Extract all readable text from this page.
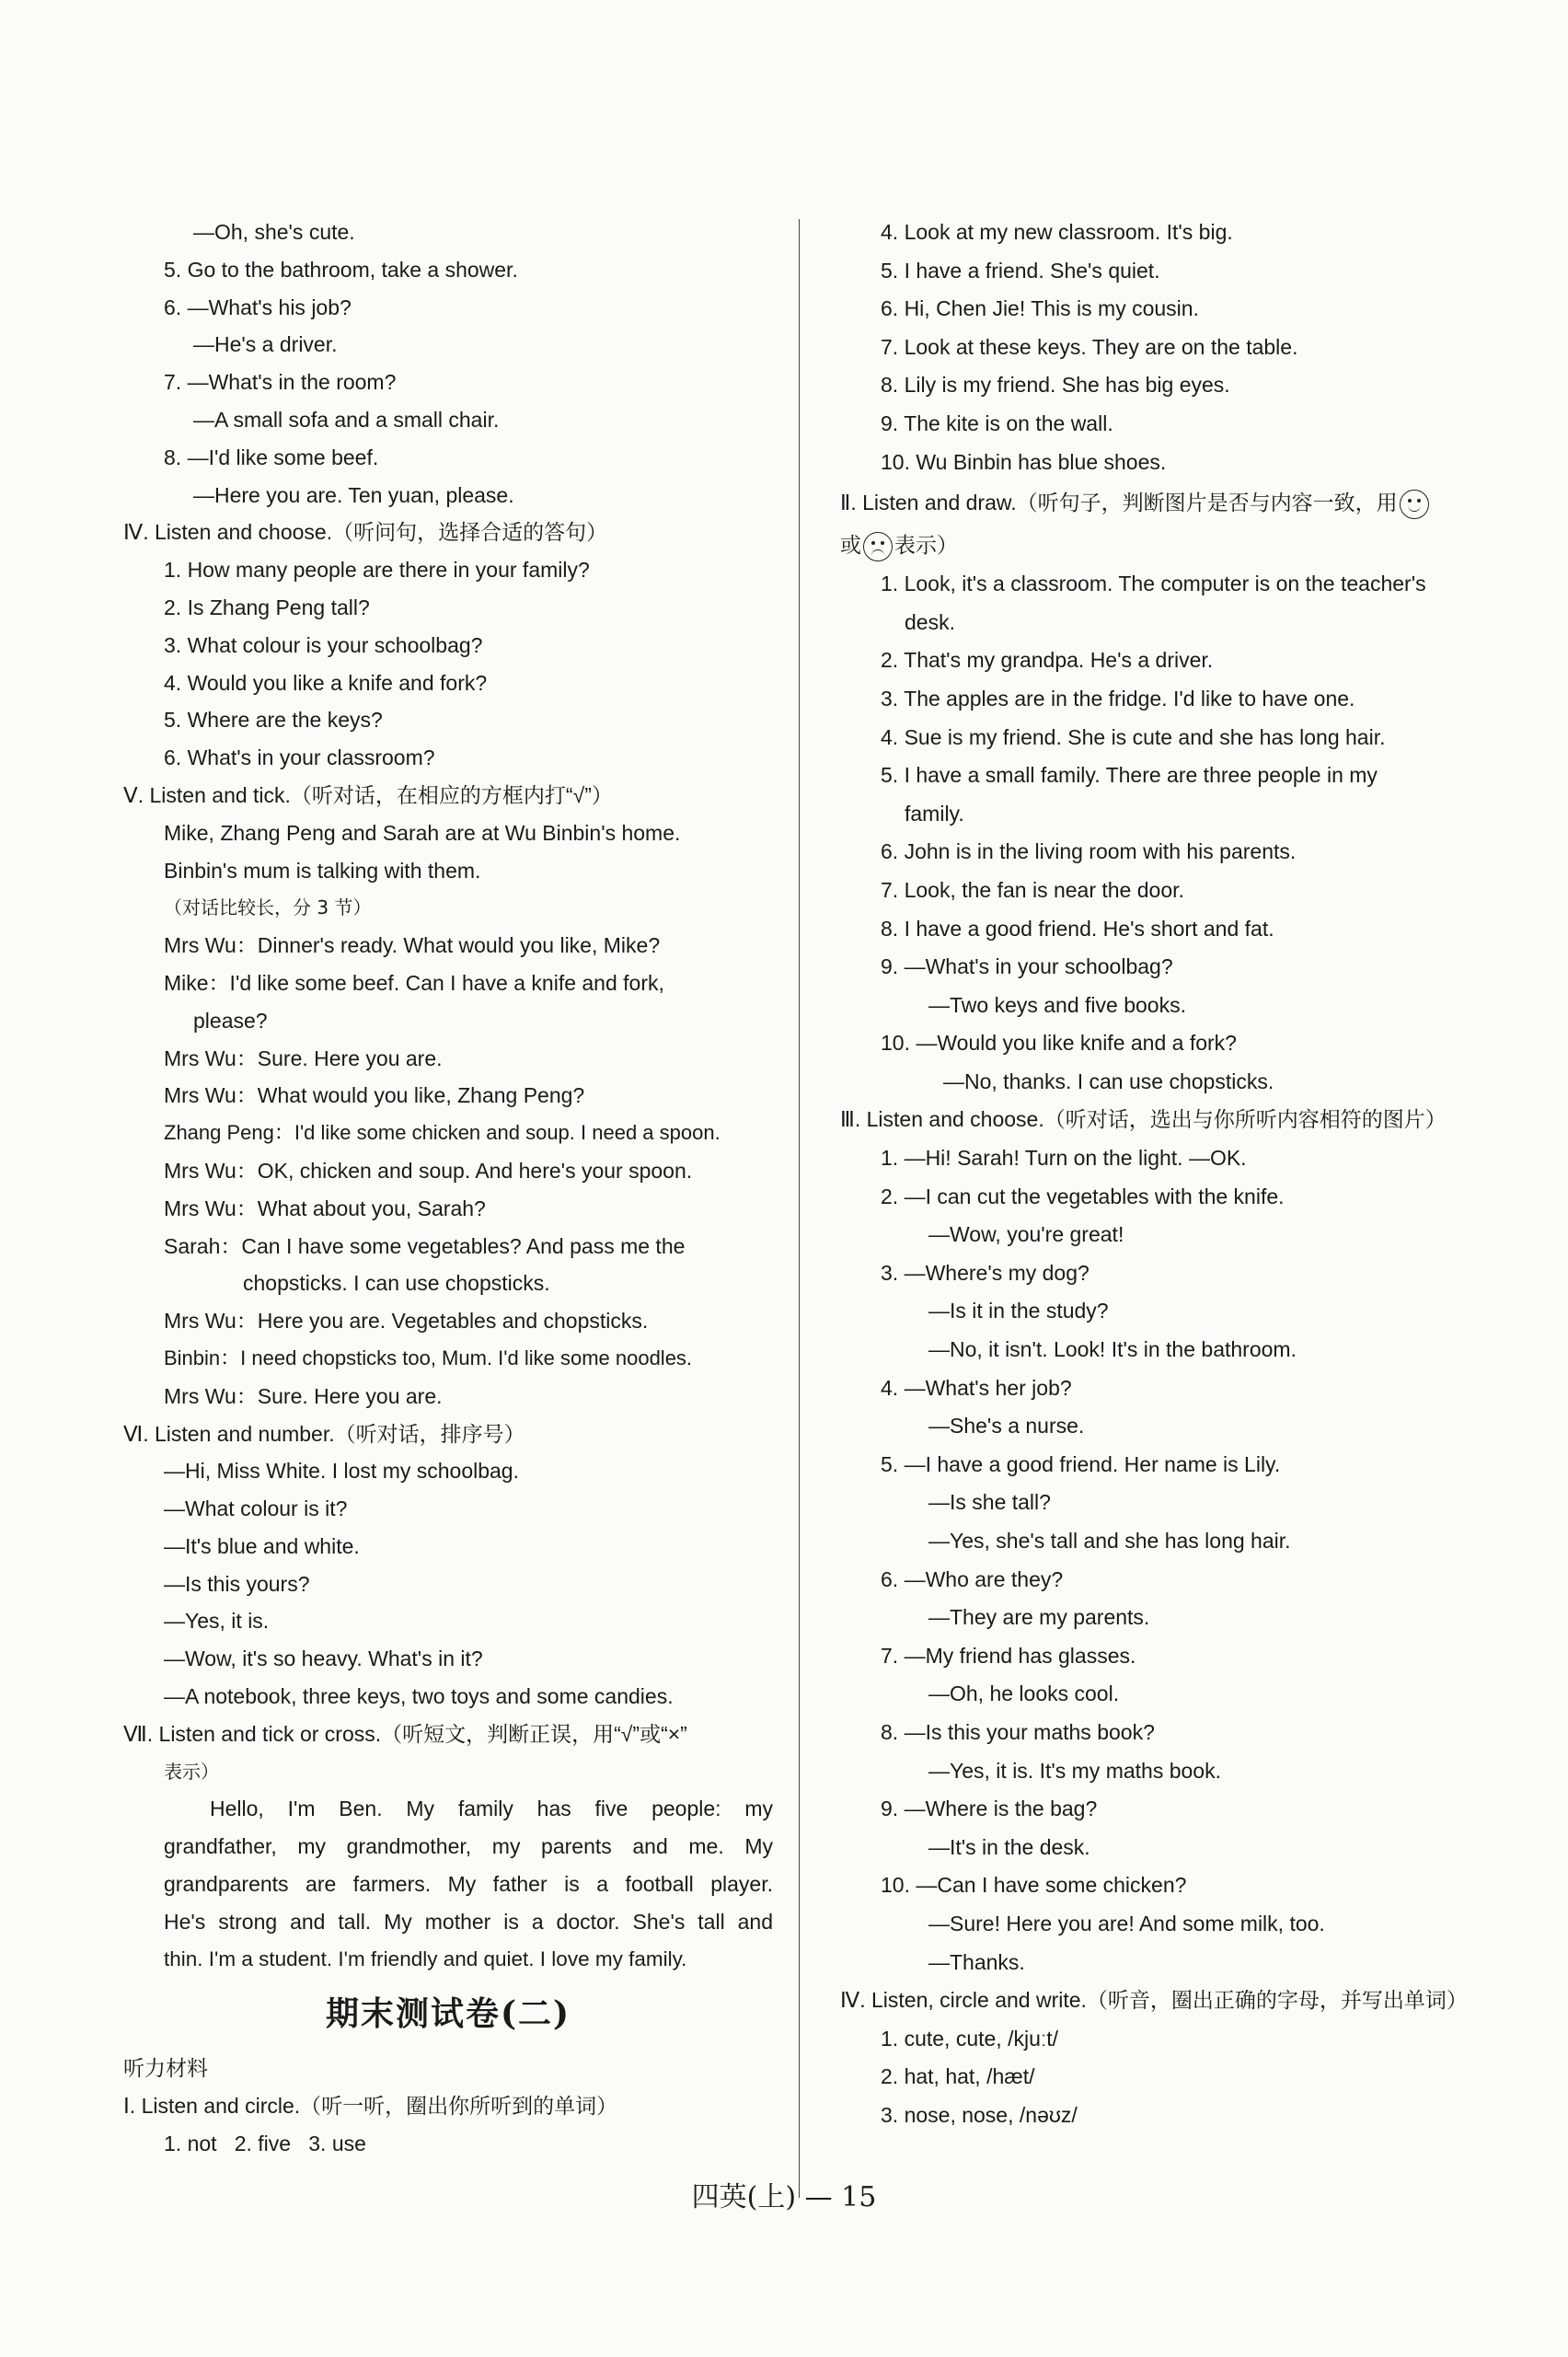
—Oh, she's cute.
5. Go to the bathroom, take a shower.
6. —What's his job?
—He's a driver.
7. —What's in the room?
—A small sofa and a small chair.
8. —I'd like some beef.
—Here you are. Ten yuan, please.
Ⅳ. Listen and choose.（听问句，选择合适的答句）
1. How many people are there in your family?
2. Is Zhang Peng tall?
3. What colour is your schoolbag?
4. Would you like a knife and fork?
5. Where are the keys?
6. What's in your classroom?
Ⅴ. Listen and tick.（听对话，在相应的方框内打“√”）
Mike, Zhang Peng and Sarah are at Wu Binbin's home.
Binbin's mum is talking with them.
（对话比较长，分 3 节）
Mrs Wu：Dinner's ready. What would you like, Mike?
Mike：I'd like some beef. Can I have a knife and fork,
please?
Mrs Wu：Sure. Here you are.
Mrs Wu：What would you like, Zhang Peng?
Zhang Peng：I'd like some chicken and soup. I need a spoon.
Mrs Wu：OK, chicken and soup. And here's your spoon.
Mrs Wu：What about you, Sarah?
Sarah：Can I have some vegetables? And pass me the
chopsticks. I can use chopsticks.
Mrs Wu：Here you are. Vegetables and chopsticks.
Binbin：I need chopsticks too, Mum. I'd like some noodles.
Mrs Wu：Sure. Here you are.
Ⅵ. Listen and number.（听对话，排序号）
—Hi, Miss White. I lost my schoolbag.
—What colour is it?
—It's blue and white.
—Is this yours?
—Yes, it is.
—Wow, it's so heavy. What's in it?
—A notebook, three keys, two toys and some candies.
Ⅶ. Listen and tick or cross.（听短文，判断正误，用“√”或“×”
表示）
Hello, I'm Ben. My family has five people: my
grandfather, my grandmother, my parents and me. My
grandparents are farmers. My father is a football player.
He's strong and tall. My mother is a doctor. She's tall and
thin. I'm a student. I'm friendly and quiet. I love my family.
期末测试卷(二)
听力材料
Ⅰ. Listen and circle.（听一听，圈出你所听到的单词）
1. not   2. five   3. use
4. Look at my new classroom. It's big.
5. I have a friend. She's quiet.
6. Hi, Chen Jie! This is my cousin.
7. Look at these keys. They are on the table.
8. Lily is my friend. She has big eyes.
9. The kite is on the wall.
10. Wu Binbin has blue shoes.
Ⅱ. Listen and draw.（听句子，判断图片是否与内容一致，用
或 表示）
1. Look, it's a classroom. The computer is on the teacher's
desk.
2. That's my grandpa. He's a driver.
3. The apples are in the fridge. I'd like to have one.
4. Sue is my friend. She is cute and she has long hair.
5. I have a small family. There are three people in my
family.
6. John is in the living room with his parents.
7. Look, the fan is near the door.
8. I have a good friend. He's short and fat.
9. —What's in your schoolbag?
—Two keys and five books.
10. —Would you like knife and a fork?
—No, thanks. I can use chopsticks.
Ⅲ. Listen and choose.（听对话，选出与你所听内容相符的图片）
1. —Hi! Sarah! Turn on the light. —OK.
2. —I can cut the vegetables with the knife.
—Wow, you're great!
3. —Where's my dog?
—Is it in the study?
—No, it isn't. Look! It's in the bathroom.
4. —What's her job?
—She's a nurse.
5. —I have a good friend. Her name is Lily.
—Is she tall?
—Yes, she's tall and she has long hair.
6. —Who are they?
—They are my parents.
7. —My friend has glasses.
—Oh, he looks cool.
8. —Is this your maths book?
—Yes, it is. It's my maths book.
9. —Where is the bag?
—It's in the desk.
10. —Can I have some chicken?
—Sure! Here you are! And some milk, too.
—Thanks.
Ⅳ. Listen, circle and write.（听音，圈出正确的字母，并写出单词）
1. cute, cute, /kjuːt/
2. hat, hat, /hæt/
3. nose, nose, /nəʊz/
四英(上) — 15
